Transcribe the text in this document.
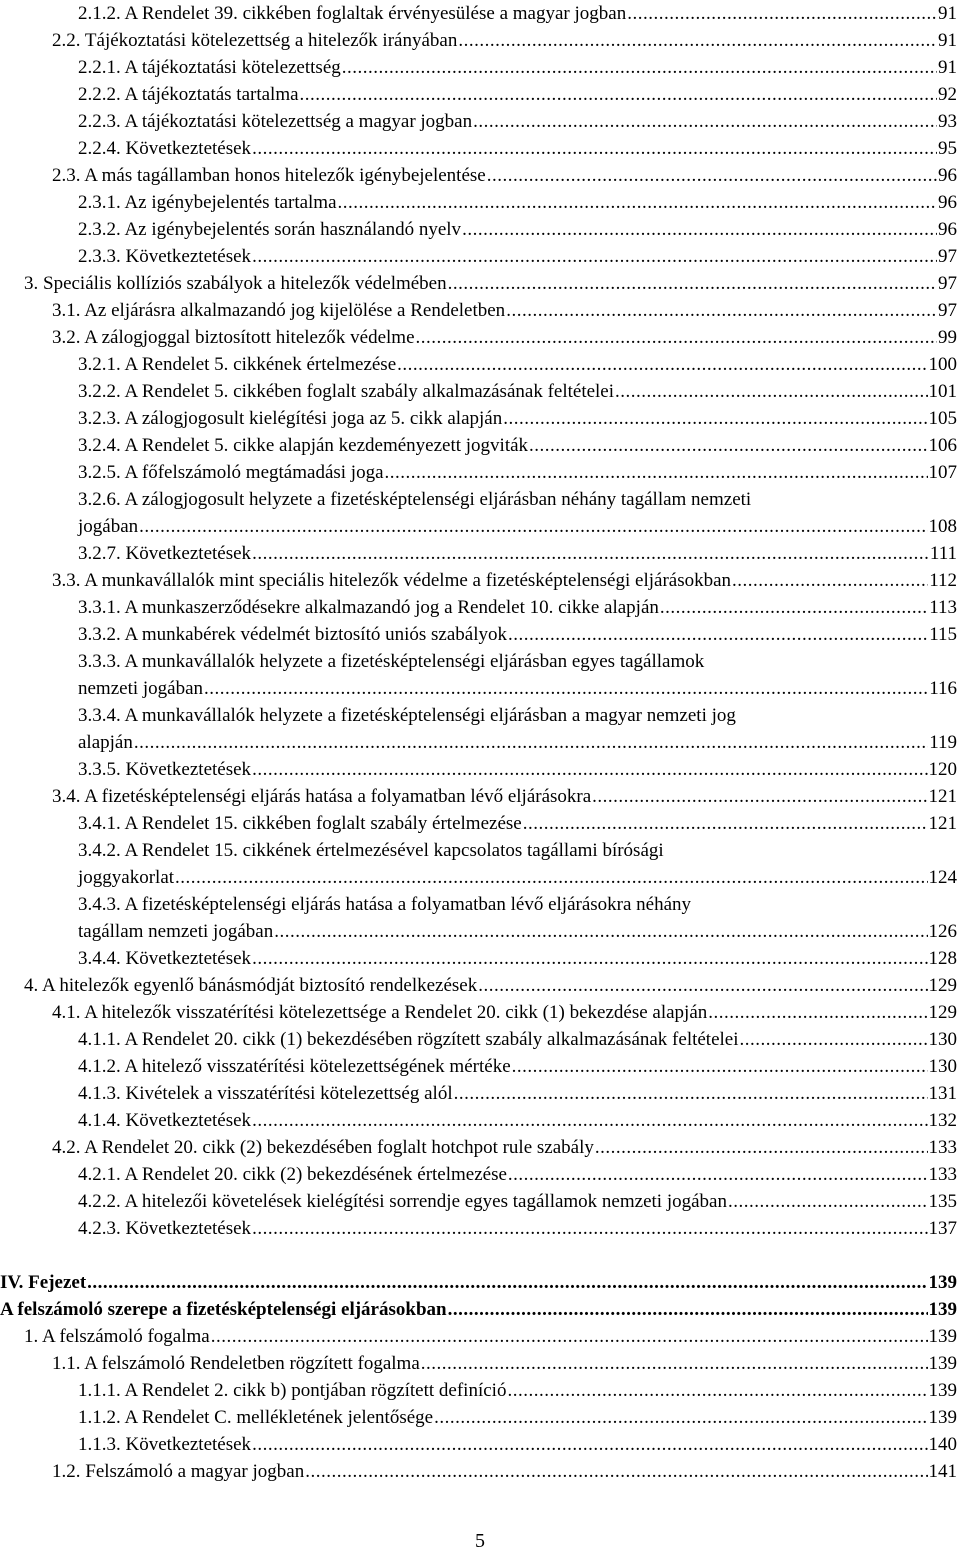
2.1.2. A Rendelet 39. cikkében foglaltak érvényesülése a magyar jogban .....	91
2.2. Tájékoztatási kötelezettség a hitelezők irányában .....	91
2.2.1. A tájékoztatási kötelezettség .....	91
2.2.2. A tájékoztatás tartalma .....	92
2.2.3. A tájékoztatási kötelezettség a magyar jogban .....	93
2.2.4. Következtetések .....	95
2.3. A más tagállamban honos hitelezők igénybejelentése .....	96
2.3.1. Az igénybejelentés tartalma .....	96
2.3.2. Az igénybejelentés során használandó nyelv .....	96
2.3.3. Következtetések .....	97
3. Speciális kollíziós szabályok a hitelezők védelmében .....	97
3.1. Az eljárásra alkalmazandó jog kijelölése a Rendeletben .....	97
3.2. A zálogjoggal biztosított hitelezők védelme .....	99
3.2.1. A Rendelet 5. cikkének értelmezése .....	100
3.2.2. A Rendelet 5. cikkében foglalt szabály alkalmazásának feltételei .....	101
3.2.3. A zálogjogosult kielégítési joga az 5. cikk alapján .....	105
3.2.4. A Rendelet 5. cikke alapján kezdeményezett jogviták .....	106
3.2.5. A főfelszámoló megtámadási joga .....	107
3.2.6. A zálogjogosult helyzete a fizetésképtelenségi eljárásban néhány tagállam nemzeti
jogában .....	108
3.2.7. Következtetések .....	111
3.3. A munkavállalók mint speciális hitelezők védelme a fizetésképtelenségi eljárásokban .....	112
3.3.1. A munkaszerződésekre alkalmazandó jog a Rendelet 10. cikke alapján .....	113
3.3.2. A munkabérek védelmét biztosító uniós szabályok .....	115
3.3.3. A munkavállalók helyzete a fizetésképtelenségi eljárásban egyes tagállamok
nemzeti jogában .....	116
3.3.4. A munkavállalók helyzete a fizetésképtelenségi eljárásban a magyar nemzeti jog
alapján .....	119
3.3.5. Következtetések .....	120
3.4. A fizetésképtelenségi eljárás hatása a folyamatban lévő eljárásokra .....	121
3.4.1. A Rendelet 15. cikkében foglalt szabály értelmezése .....	121
3.4.2. A Rendelet 15. cikkének értelmezésével kapcsolatos tagállami bírósági
joggyakorlat .....	124
3.4.3. A fizetésképtelenségi eljárás hatása a folyamatban lévő eljárásokra néhány
tagállam nemzeti jogában .....	126
3.4.4. Következtetések .....	128
4. A hitelezők egyenlő bánásmódját biztosító rendelkezések .....	129
4.1. A hitelezők visszatérítési kötelezettsége a Rendelet 20. cikk (1) bekezdése alapján .....	129
4.1.1. A Rendelet 20. cikk (1) bekezdésében rögzített szabály alkalmazásának feltételei .....	130
4.1.2. A hitelező visszatérítési kötelezettségének mértéke .....	130
4.1.3. Kivételek a visszatérítési kötelezettség alól .....	131
4.1.4. Következtetések .....	132
4.2. A Rendelet 20. cikk (2) bekezdésében foglalt hotchpot rule szabály .....	133
4.2.1. A Rendelet 20. cikk (2) bekezdésének értelmezése .....	133
4.2.2. A hitelezői követelések kielégítési sorrendje egyes tagállamok nemzeti jogában .....	135
4.2.3. Következtetések .....	137
IV. Fejezet .....	139
A felszámoló szerepe a fizetésképtelenségi eljárásokban .....	139
1. A felszámoló fogalma .....	139
1.1. A felszámoló Rendeletben rögzített fogalma .....	139
1.1.1. A Rendelet 2. cikk b) pontjában rögzített definíció .....	139
1.1.2. A Rendelet C. mellékletének jelentősége .....	139
1.1.3. Következtetések .....	140
1.2. Felszámoló a magyar jogban .....	141
5
